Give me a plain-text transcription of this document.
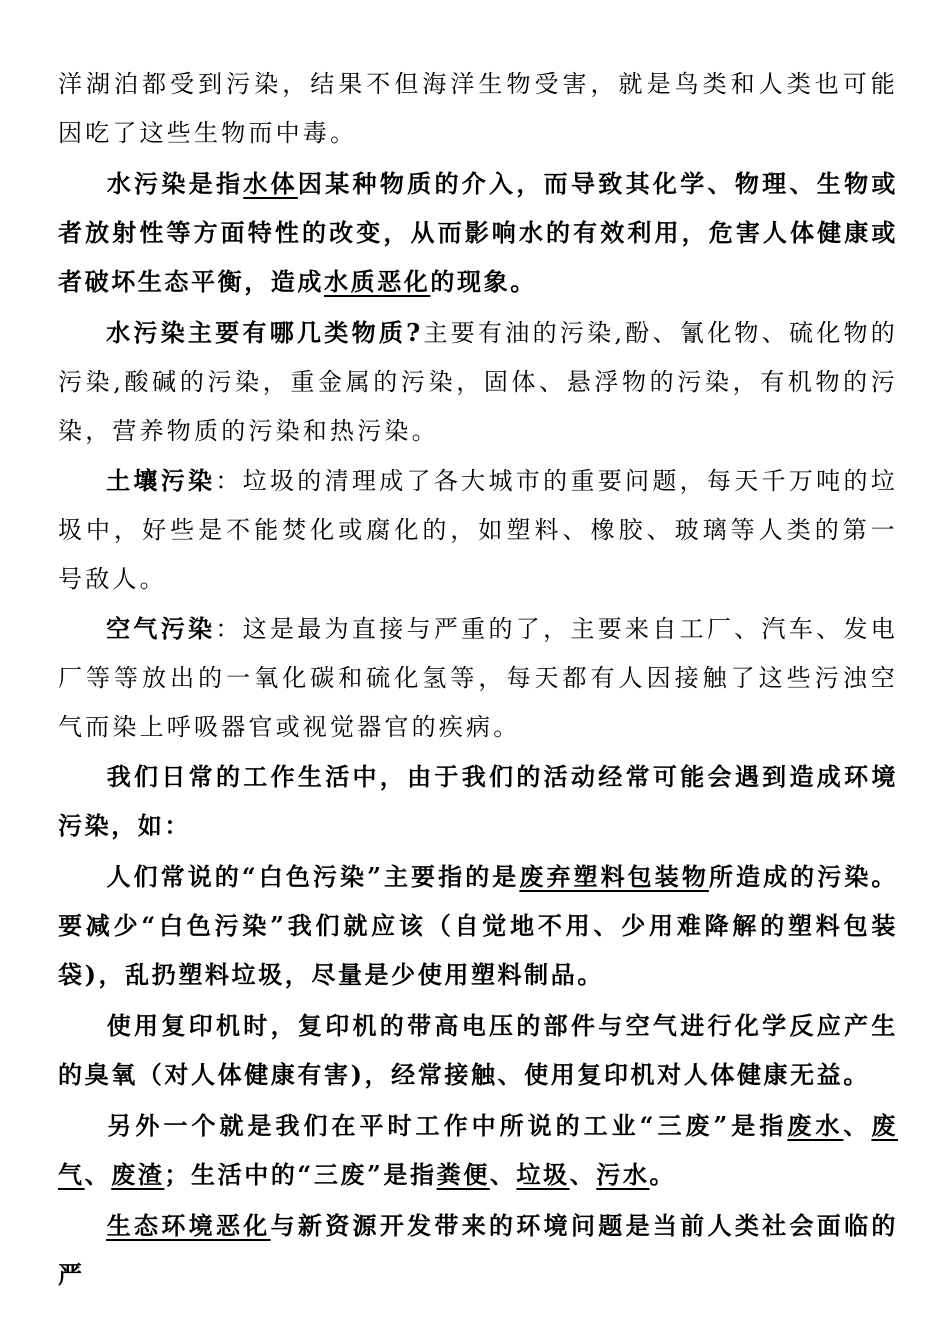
洋湖泊都受到污染，结果不但海洋生物受害，就是鸟类和人类也可能因吃了这些生物而中毒。

水污染是指水体因某种物质的介入，而导致其化学、物理、生物或者放射性等方面特性的改变，从而影响水的有效利用，危害人体健康或者破坏生态平衡，造成水质恶化的现象。

水污染主要有哪几类物质?主要有油的污染,酚、氰化物、硫化物的污染,酸碱的污染，重金属的污染，固体、悬浮物的污染，有机物的污染，营养物质的污染和热污染。

土壤污染：垃圾的清理成了各大城市的重要问题，每天千万吨的垃圾中，好些是不能焚化或腐化的，如塑料、橡胶、玻璃等人类的第一号敌人。

空气污染：这是最为直接与严重的了，主要来自工厂、汽车、发电厂等等放出的一氧化碳和硫化氢等，每天都有人因接触了这些污浊空气而染上呼吸器官或视觉器官的疾病。

我们日常的工作生活中，由于我们的活动经常可能会遇到造成环境污染，如：

人们常说的“白色污染”主要指的是废弃塑料包装物所造成的污染。要减少“白色污染”我们就应该（自觉地不用、少用难降解的塑料包装袋)，乱扔塑料垃圾，尽量是少使用塑料制品。

使用复印机时，复印机的带高电压的部件与空气进行化学反应产生的臭氧（对人体健康有害)，经常接触、使用复印机对人体健康无益。

另外一个就是我们在平时工作中所说的工业“三废”是指废水、废气、废渣；生活中的“三废”是指粪便、垃圾、污水。

生态环境恶化与新资源开发带来的环境问题是当前人类社会面临的严
